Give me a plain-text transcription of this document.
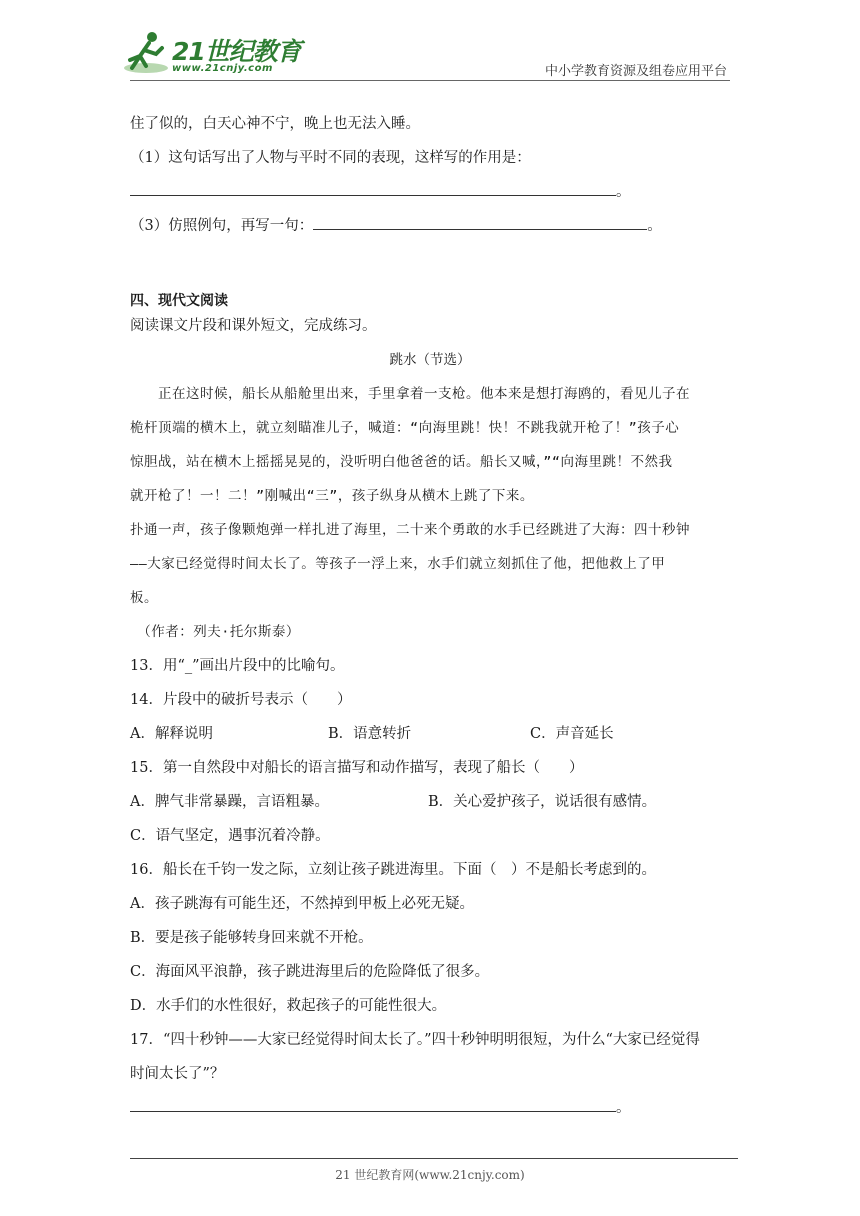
21世纪教育
www.21cnjy.com	中小学教育资源及组卷应用平台
住了似的，白天心神不宁，晚上也无法入睡。
（1）这句话写出了人物与平时不同的表现，这样写的作用是：
。
（3）仿照例句，再写一句：	。
四、现代文阅读
阅读课文片段和课外短文，完成练习。
跳水（节选）
　　正在这时候，船长从船舱里出来，手里拿着一支枪。他本来是想打海鸥的，看见儿子在
桅杆顶端的横木上，就立刻瞄准儿子，喊道：“向海里跳！快！不跳我就开枪了！”孩子心
惊胆战，站在横木上摇摇晃晃的，没听明白他爸爸的话。船长又喊，”“向海里跳！不然我
就开枪了！一！二！”刚喊出“三”，孩子纵身从横木上跳了下来。
扑通一声，孩子像颗炮弹一样扎进了海里，二十来个勇敢的水手已经跳进了大海：四十秒钟
——大家已经觉得时间太长了。等孩子一浮上来，水手们就立刻抓住了他，把他救上了甲
板。
　（作者：列夫·托尔斯泰）
13．用“_”画出片段中的比喻句。
14．片段中的破折号表示（　　）
A．解释说明	B．语意转折	C．声音延长
15．第一自然段中对船长的语言描写和动作描写，表现了船长（　　）
A．脾气非常暴躁，言语粗暴。	B．关心爱护孩子，说话很有感情。
C．语气坚定，遇事沉着冷静。
16．船长在千钧一发之际，立刻让孩子跳进海里。下面（　）不是船长考虑到的。
A．孩子跳海有可能生还，不然掉到甲板上必死无疑。
B．要是孩子能够转身回来就不开枪。
C．海面风平浪静，孩子跳进海里后的危险降低了很多。
D．水手们的水性很好，救起孩子的可能性很大。
17．“四十秒钟——大家已经觉得时间太长了。”四十秒钟明明很短，为什么“大家已经觉得
时间太长了”？
。
21 世纪教育网(www.21cnjy.com)
